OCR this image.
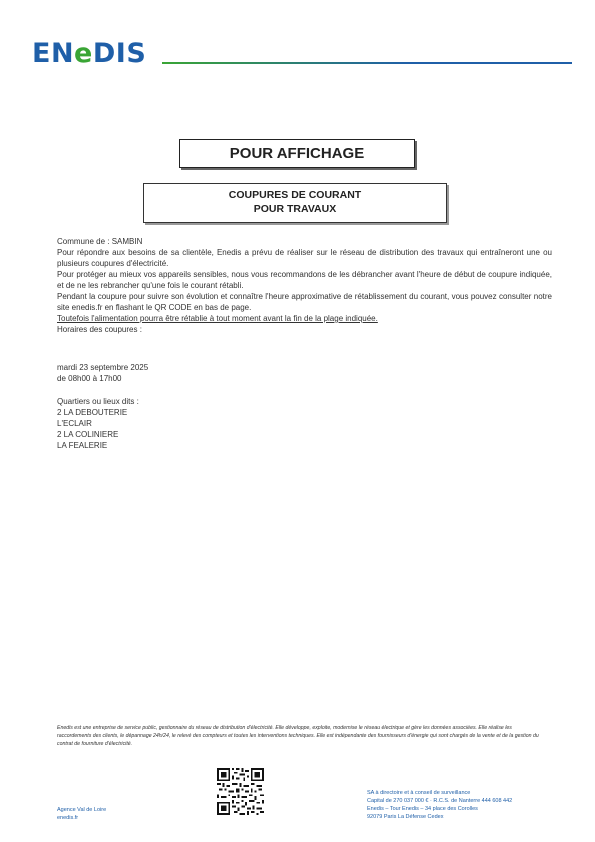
ENeDIS
POUR AFFICHAGE
COUPURES DE COURANT
POUR TRAVAUX

Commune de : SAMBIN

Pour répondre aux besoins de sa clientèle, Enedis a prévu de réaliser sur le réseau de distribution des travaux qui entraîneront une ou plusieurs coupures d'électricité.

Pour protéger au mieux vos appareils sensibles, nous vous recommandons de les débrancher avant l'heure de début de coupure indiquée, et de ne les rebrancher qu'une fois le courant rétabli.

Pendant la coupure pour suivre son évolution et connaître l'heure approximative de rétablissement du courant, vous pouvez consulter notre site enedis.fr en flashant le QR CODE en bas de page.

Toutefois l'alimentation pourra être rétablie à tout moment avant la fin de la plage indiquée.

Horaires des coupures :

mardi 23 septembre 2025

de 08h00 à 17h00

Quartiers ou lieux dits :

2 LA DEBOUTERIE

L'ECLAIR

2 LA COLINIERE

LA FEALERIE

Enedis est une entreprise de service public, gestionnaire du réseau de distribution d'électricité. Elle développe, exploite, modernise le réseau électrique et gère les données associées. Elle réalise les raccordements des clients, le dépannage 24h/24, le relevé des compteurs et toutes les interventions techniques. Elle est indépendante des fournisseurs d'énergie qui sont chargés de la vente et de la gestion du contrat de fourniture d'électricité.
Agence Val de Loire
enedis.fr
SA à directoire et à conseil de surveillance
Capital de 270 037 000 € · R.C.S. de Nanterre 444 608 442
Enedis – Tour Enedis – 34 place des Corolles
92079 Paris La Défense Cedex
